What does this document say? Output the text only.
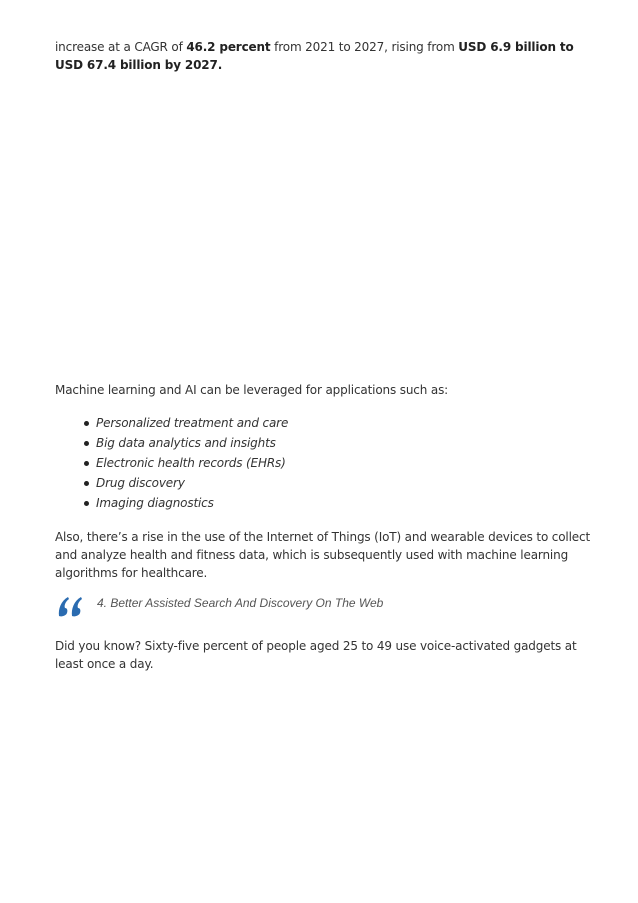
increase at a CAGR of 46.2 percent from 2021 to 2027, rising from USD 6.9 billion to USD 67.4 billion by 2027.

Machine learning and AI can be leveraged for applications such as:

Personalized treatment and care
Big data analytics and insights
Electronic health records (EHRs)
Drug discovery
Imaging diagnostics

Also, there’s a rise in the use of the Internet of Things (IoT) and wearable devices to collect and analyze health and fitness data, which is subsequently used with machine learning algorithms for healthcare.

4. Better Assisted Search And Discovery On The Web

Did you know? Sixty-five percent of people aged 25 to 49 use voice-activated gadgets at least once a day.
